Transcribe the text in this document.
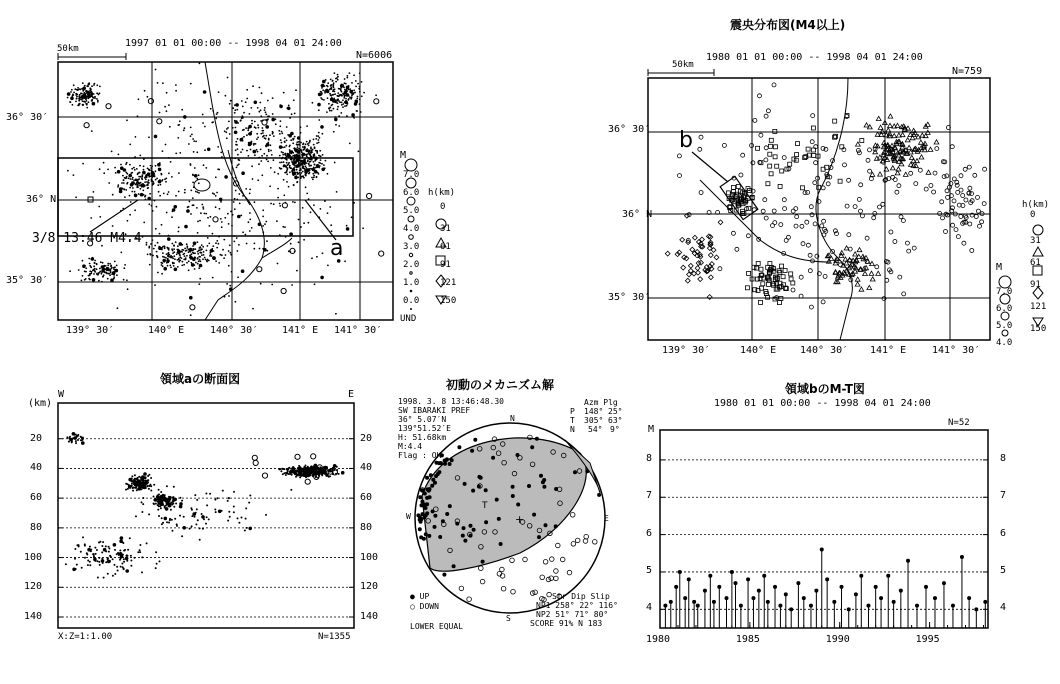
+
T
50km	1997 01 01 00:00 -- 1998 04 01 24:00
N=6006
36° 30′
36° N
35° 30′
139° 30′	140° E	140° 30′ 141° E 141° 30′
3/8 13:46 M4.4	a
M
7.0
6.0
5.0
4.0
3.0
2.0
1.0
0.0
UND
h(km)
0
31
61
91
121
150
震央分布図(M4以上)
50km
1980 01 01 00:00 -- 1998 04 01 24:00
N=759
36° 30′
36° N
35° 30′
139° 30′	140° E 140° 30′ 141° E	141° 30′
b
h(km)
0
31
61
91
121
150
M
7.0
6.0
5.0
4.0
領域aの断面図
(km)
W	E
20	20
40	40
60	60
80	80
100	100
120	120
140	140
X:Z=1:1.00	N=1355
初動のメカニズム解
1998. 3. 8 13:46:48.30
SW IBARAKI PREF
36° 5.07′N
139°51.52′E
H: 51.68km
M:4.4
Flag : OK
Azm Plg
P 148° 25°
T 305° 63°
N 54° 9°
N
E
S
W
● UP
○ DOWN
LOWER EQUAL
Str Dip Slip
NP1 258° 22° 116°
NP2 51° 71° 80°
SCORE 91% N 183
領域bのM-T図
1980 01 01 00:00 -- 1998 04 01 24:00
M
N=52
4	4
5	5
6	6
7	7
8	8
1980	1985	1990	1995
